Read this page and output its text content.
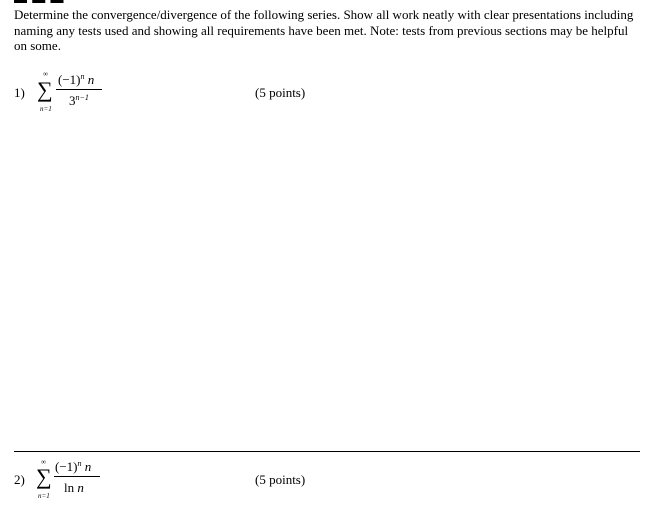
Determine the convergence/divergence of the following series. Show all work neatly with clear presentations including naming any tests used and showing all requirements have been met. Note: tests from previous sections may be helpful on some.
1)
∞
∑
n=1
$(-1)^n$ n
$3^{n-1}$	(5 points)
2)
∞
∑
n=1
$(-1)^n$ n
ln n
(5 points)
